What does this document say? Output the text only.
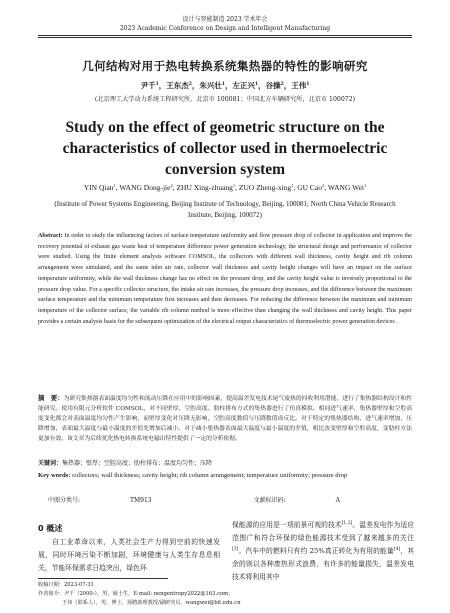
设计与智能制造 2023 学术年会
2023 Academic Conference on Design and Intelligent Manufacturing
几何结构对用于热电转换系统集热器的特性的影响研究
尹千$^1$，王东杰$^2$，朱兴壮$^1$，左正兴$^1$，谷操$^2$，王伟$^1$
(北京理工大学动力系统工程研究所，北京市 100081；中国北方车辆研究所，北京市 100072)
Study on the effect of geometric structure on the characteristics of collector used in thermoelectric conversion system
YIN Qian$^1$, WANG Dong-jie$^2$, ZHU Xing-zhuang$^1$, ZUO Zheng-xing$^1$, GU Cao$^2$, WANG Wei$^1$
(Institute of Power Systems Engineering, Beijing Institute of Technology, Beijing, 100081; North China Vehicle Research Institute, Beijing, 100072)
Abstract: In order to study the influencing factors of surface temperature uniformity and flow pressure drop of collector in application and improve the recovery potential of exhaust gas waste heat of temperature difference power generation technology, the structural design and performance of collector were studied. Using the finite element analysis software COMSOL, the collectors with different wall thickness, cavity height and rib column arrangement were simulated, and the same inlet air rate, collector wall thickness and cavity height changes will have an impact on the surface temperature uniformity, while the wall thickness change has no effect on the pressure drop, and the cavity height value is inversely proportional to the pressure drop value. For a specific collector structure, the intake air rate increases, the pressure drop increases, and the difference between the maximum surface temperature and the minimum temperature first increases and then decreases. For reducing the difference between the maximum and minimum temperature of the collector surface, the variable rib column method is more effective than changing the wall thickness and cavity height. This paper provides a certain analysis basis for the subsequent optimization of the electrical output characteristics of thermoelectric power generation devices .
摘　要：为研究集热器表面温度均匀性和流动压降在应用中的影响因素，提高温差发电技术尾气废热的回收利用潜能，进行了集热器结构设计和性能研究。使用有限元分析软件 COMSOL，对不同壁厚、空腔高度、肋柱排布方式的集热器进行了仿真模拟。相同进气速率，集热器壁厚和空腔高度变化都会对表面温度均匀性产生影响，而壁厚变化对压降无影响，空腔高度数值与压降数值成反比。对于特定的集热器结构，进气速率增加，压降增加，表面最大温度与最小温度的差值先增加后减小。对于减小集热器表面最大温度与最小温度的差值，相比改变壁厚和空腔高度，变肋柱方法更加有效。该文章为后续优化热电转换系统电输出特性提供了一定的分析依据。
关键词：集热器；壁厚；空腔高度；肋柱排布；温度均匀性；压降
Key words: collectors; wall thickness; cavity height; rib column arrangement; temperature uniformity; pressure drop
中图分类号:	TM913	文献标识码:	A
0 概述
自工业革命以来，人类社会生产力得到空前的快速发展，同时环境污染不断加剧，环境健康与人类生存息息相关，节能环保需求日趋突出，绿色环
保能源的应用是一项前景可观的技术[1,2]。温差发电作为适应范围广和符合环保的绿色能源技术受到了越来越多的关注[3]。汽车中的燃料只有约 25%真正转化为有用的能量[4]，其余的则以各种废热形式浪费，有许多的能量损失，温差发电技术将利用其中
收稿日期：2023-07-31
作者简介：尹千（2000-），男，硕士生，E-mail: nengentropy2022@163.com；
王伟（联系人），男，博士，预聘助理教授/副研究员，wangwei@bit.edu.cn
